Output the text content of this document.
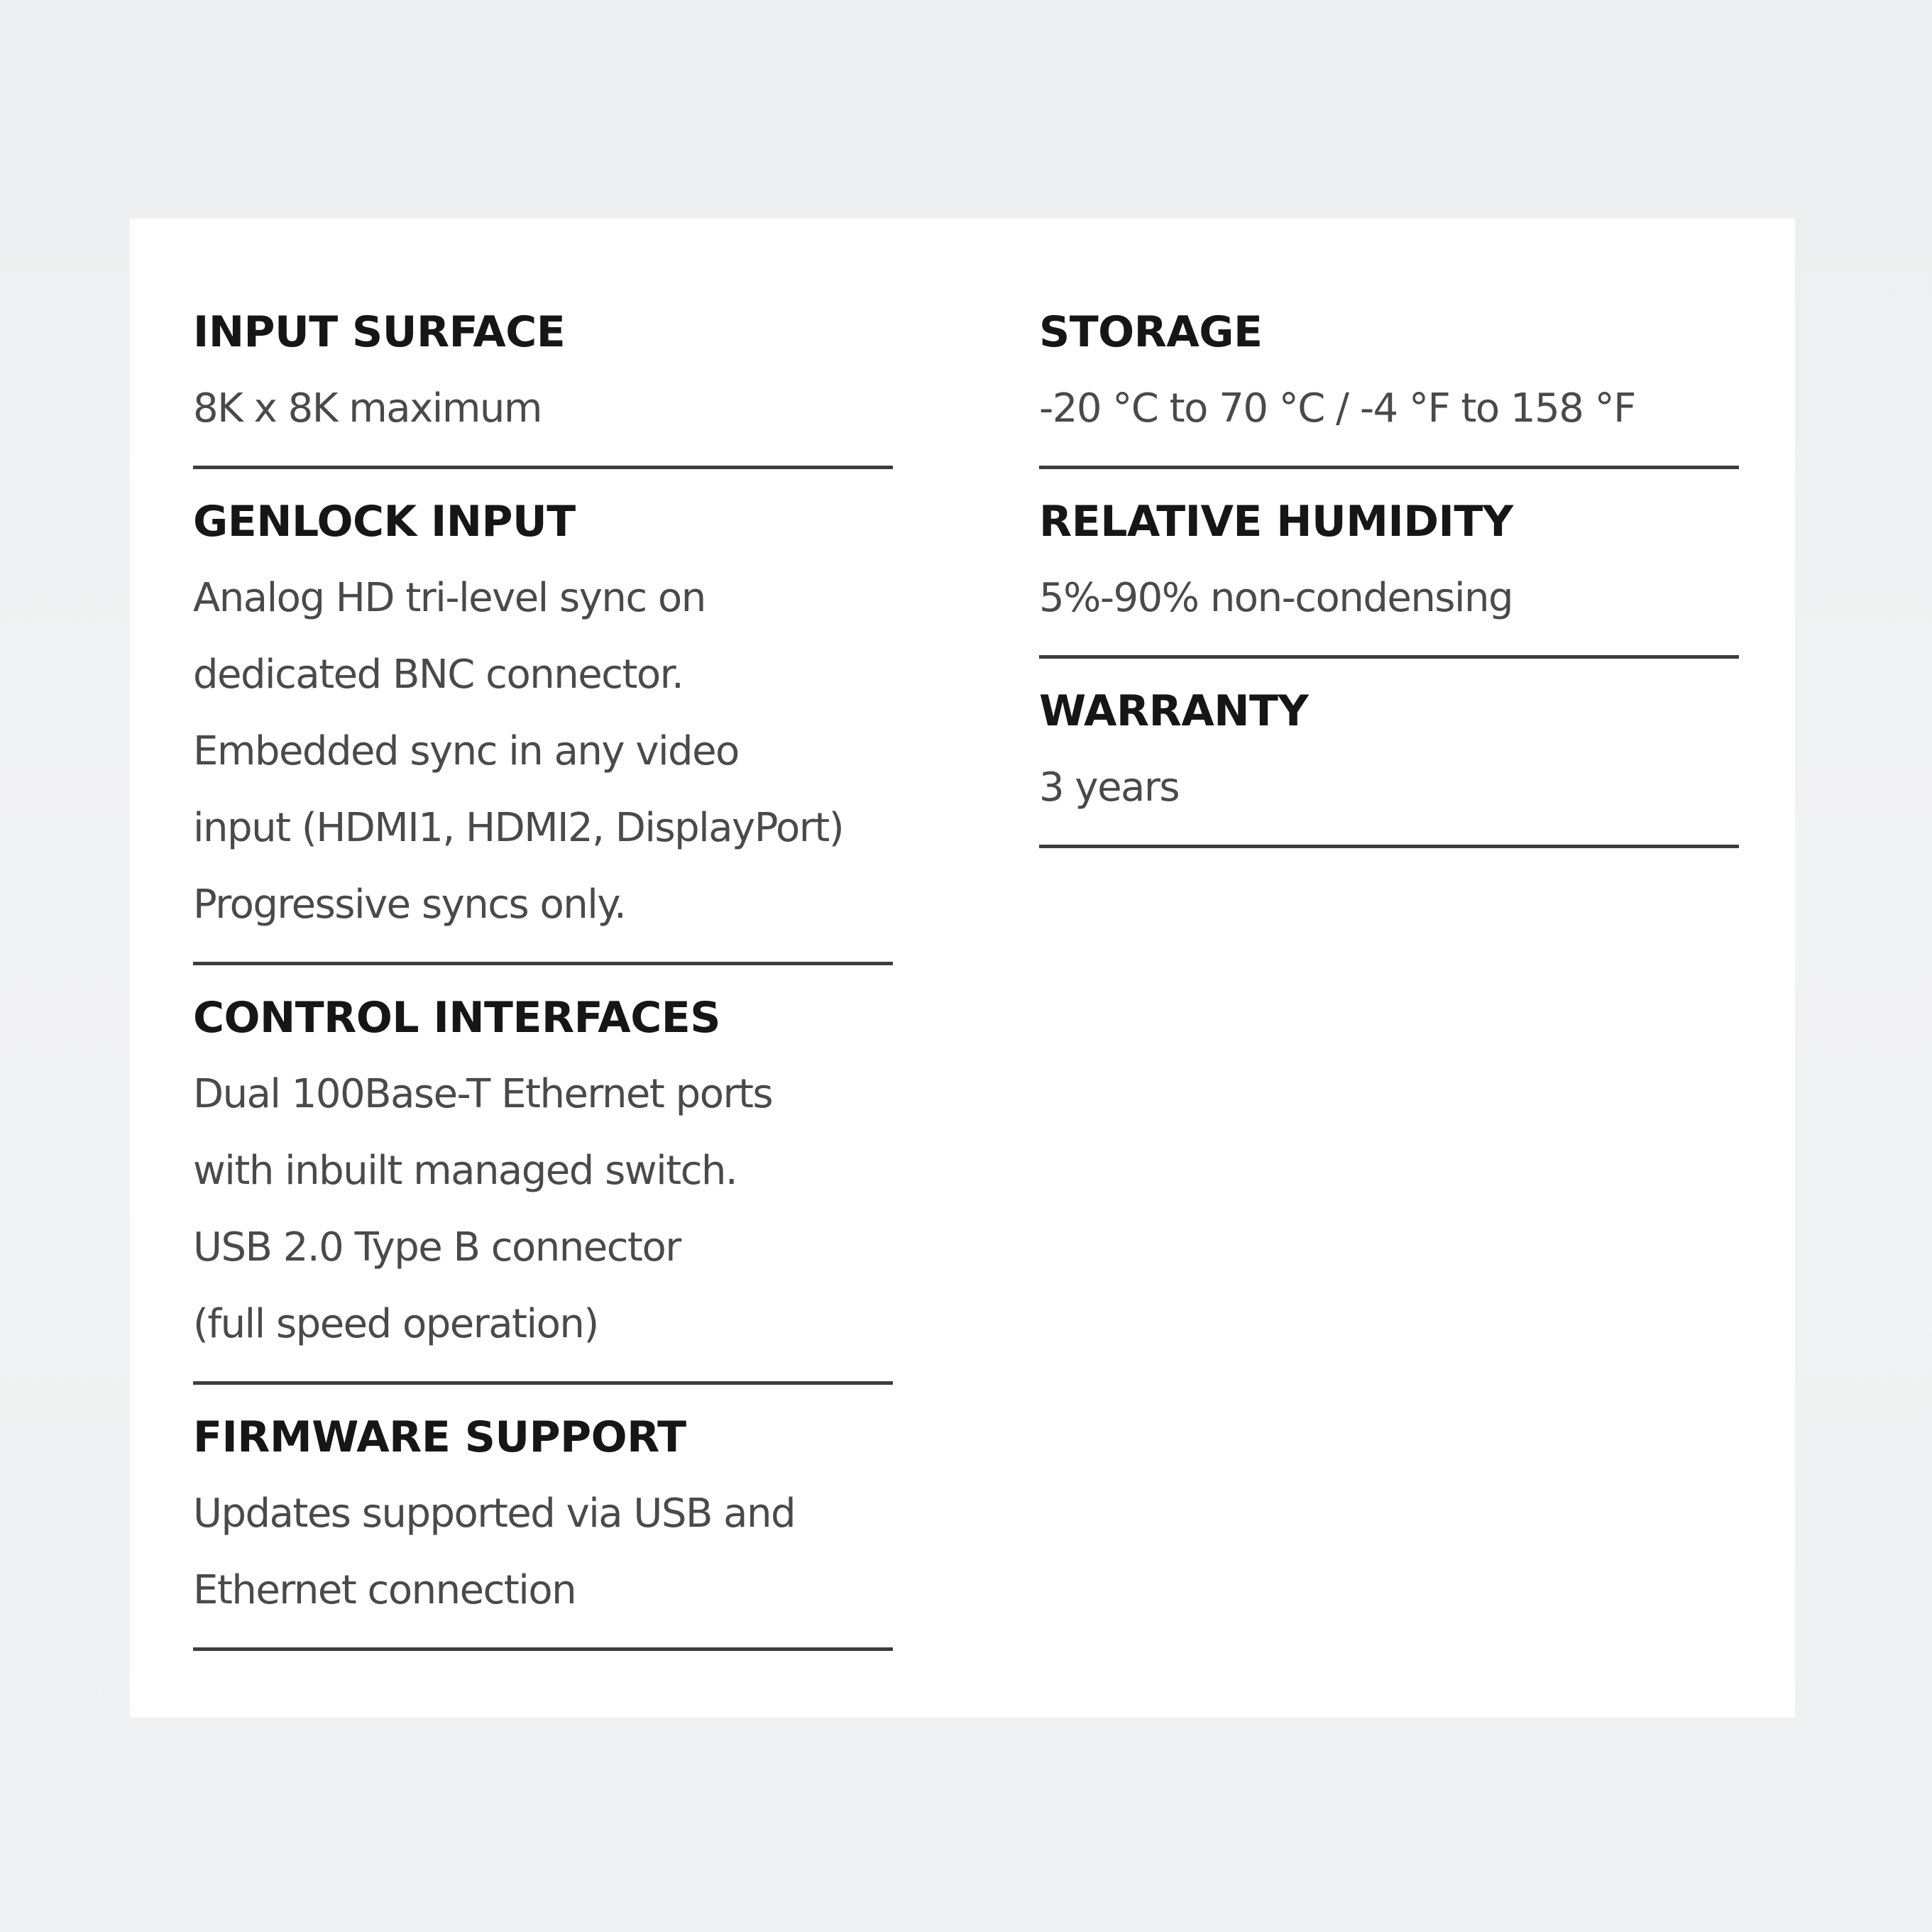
INPUT SURFACE
8K x 8K maximum
GENLOCK INPUT
Analog HD tri-level sync on
dedicated BNC connector.
Embedded sync in any video
input (HDMI1, HDMI2, DisplayPort)
Progressive syncs only.
CONTROL INTERFACES
Dual 100Base-T Ethernet ports
with inbuilt managed switch.
USB 2.0 Type B connector
(full speed operation)
FIRMWARE SUPPORT
Updates supported via USB and
Ethernet connection
STORAGE
-20 °C to 70 °C / -4 °F to 158 °F
RELATIVE HUMIDITY
5%-90% non-condensing
WARRANTY
3 years
